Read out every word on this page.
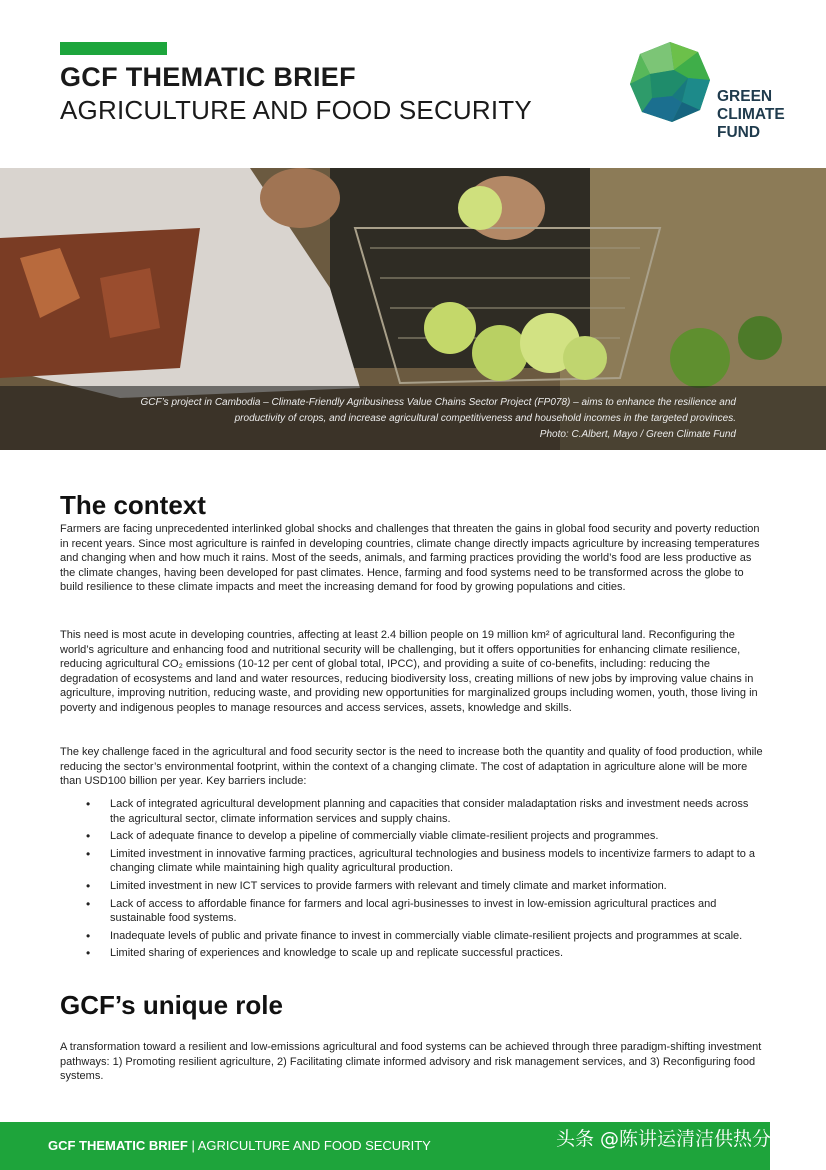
GCF THEMATIC BRIEF
AGRICULTURE AND FOOD SECURITY	GREEN
CLIMATE
FUND
GCF’s project in Cambodia – Climate-Friendly Agribusiness Value Chains Sector Project (FP078) – aims to enhance the resilience and
productivity of crops, and increase agricultural competitiveness and household incomes in the targeted provinces.
Photo: C.Albert, Mayo / Green Climate Fund
The context

Farmers are facing unprecedented interlinked global shocks and challenges that threaten the gains in global food security and poverty reduction in recent years. Since most agriculture is rainfed in developing countries, climate change directly impacts agriculture by increasing temperatures and changing when and how much it rains. Most of the seeds, animals, and farming practices providing the world’s food are less productive as the climate changes, having been developed for past climates. Hence, farming and food systems need to be transformed across the globe to build resilience to these climate impacts and meet the increasing demand for food by growing populations and cities.

This need is most acute in developing countries, affecting at least 2.4 billion people on 19 million km² of agricultural land. Reconfiguring the world’s agriculture and enhancing food and nutritional security will be challenging, but it offers opportunities for enhancing climate resilience, reducing agricultural CO₂ emissions (10-12 per cent of global total, IPCC), and providing a suite of co-benefits, including: reducing the degradation of ecosystems and land and water resources, reducing biodiversity loss, creating millions of new jobs by improving value chains in agriculture, improving nutrition, reducing waste, and providing new opportunities for marginalized groups including women, youth, those living in poverty and indigenous peoples to manage resources and access services, assets, knowledge and skills.

The key challenge faced in the agricultural and food security sector is the need to increase both the quantity and quality of food production, while reducing the sector’s environmental footprint, within the context of a changing climate. The cost of adaptation in agriculture alone will be more than USD100 billion per year. Key barriers include:

• Lack of integrated agricultural development planning and capacities that consider maladaptation risks and investment needs across the agricultural sector, climate information services and supply chains.
• Lack of adequate finance to develop a pipeline of commercially viable climate-resilient projects and programmes.
• Limited investment in innovative farming practices, agricultural technologies and business models to incentivize farmers to adapt to a changing climate while maintaining high quality agricultural production.
• Limited investment in new ICT services to provide farmers with relevant and timely climate and market information.
• Lack of access to affordable finance for farmers and local agri-businesses to invest in low-emission agricultural practices and sustainable food systems.
• Inadequate levels of public and private finance to invest in commercially viable climate-resilient projects and programmes at scale.
• Limited sharing of experiences and knowledge to scale up and replicate successful practices.
GCF’s unique role

A transformation toward a resilient and low-emissions agricultural and food systems can be achieved through three paradigm-shifting investment pathways: 1) Promoting resilient agriculture, 2) Facilitating climate informed advisory and risk management services, and 3) Reconfiguring food systems.

GCF THEMATIC BRIEF | AGRICULTURE AND FOOD SECURITY	头条 @陈讲运清洁供热分会
